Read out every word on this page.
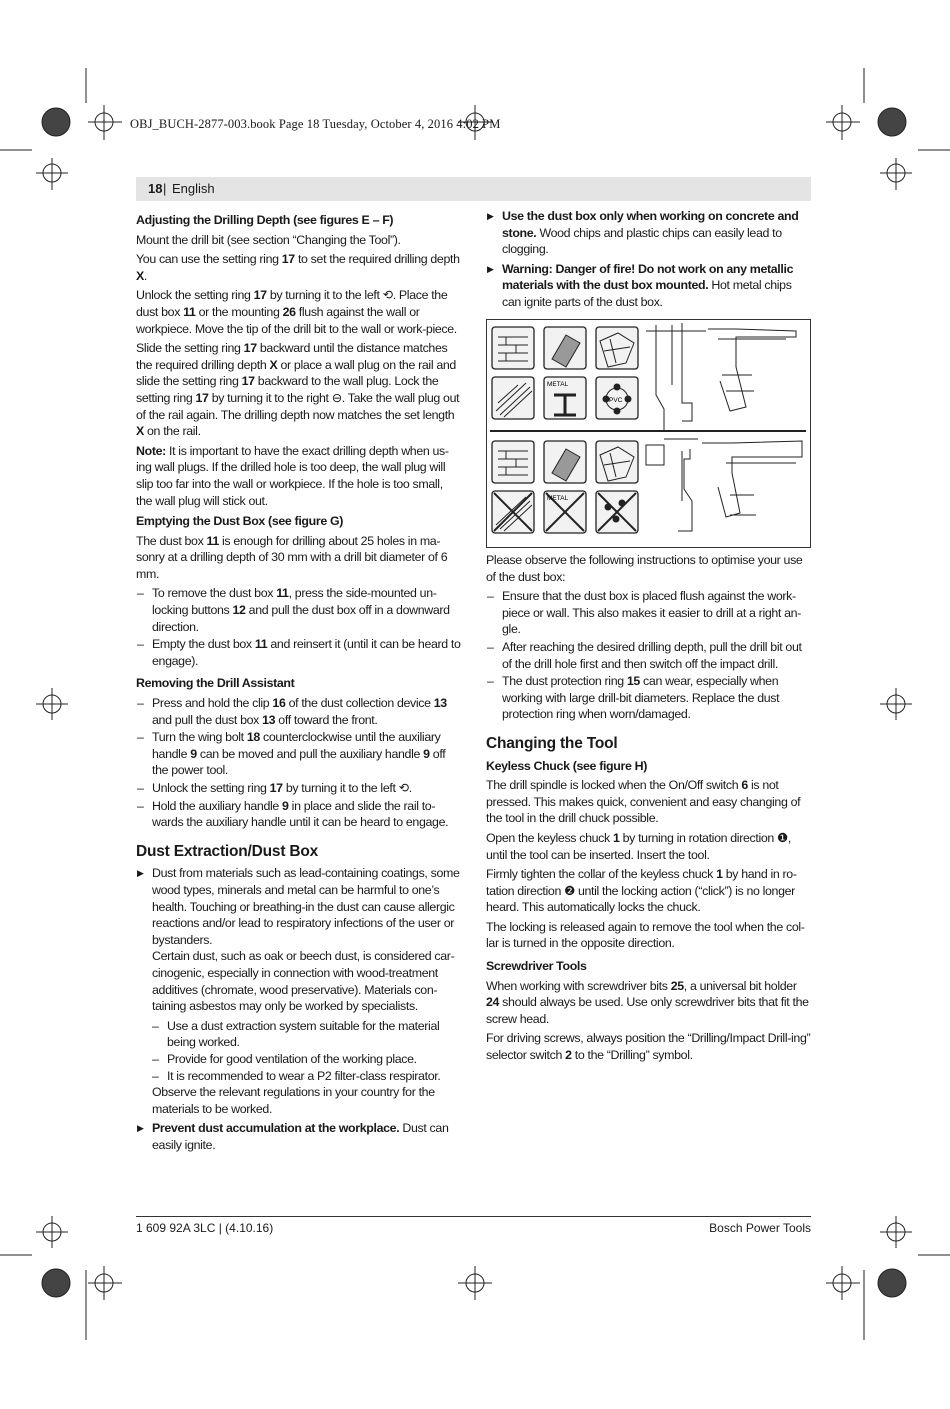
OBJ_BUCH-2877-003.book Page 18 Tuesday, October 4, 2016 4:02 PM
18 | English
Adjusting the Drilling Depth (see figures E – F)

Mount the drill bit (see section “Changing the Tool”).

You can use the setting ring 17 to set the required drilling depth X.

Unlock the setting ring 17 by turning it to the left ⟲. Place the dust box 11 or the mounting 26 flush against the wall or workpiece. Move the tip of the drill bit to the wall or work-piece.

Slide the setting ring 17 backward until the distance matches the required drilling depth X or place a wall plug on the rail and slide the setting ring 17 backward to the wall plug. Lock the setting ring 17 by turning it to the right ⊖. Take the wall plug out of the rail again. The drilling depth now matches the set length X on the rail.

Note: It is important to have the exact drilling depth when us-ing wall plugs. If the drilled hole is too deep, the wall plug will slip too far into the wall or workpiece. If the hole is too small, the wall plug will stick out.

Emptying the Dust Box (see figure G)

The dust box 11 is enough for drilling about 25 holes in ma-sonry at a drilling depth of 30 mm with a drill bit diameter of 6 mm.

– To remove the dust box 11, press the side-mounted un-locking buttons 12 and pull the dust box off in a downward direction.
– Empty the dust box 11 and reinsert it (until it can be heard to engage).
Removing the Drill Assistant
– Press and hold the clip 16 of the dust collection device 13 and pull the dust box 13 off toward the front.
– Turn the wing bolt 18 counterclockwise until the auxiliary handle 9 can be moved and pull the auxiliary handle 9 off the power tool.
– Unlock the setting ring 17 by turning it to the left ⟲.
– Hold the auxiliary handle 9 in place and slide the rail to-wards the auxiliary handle until it can be heard to engage.
Dust Extraction/Dust Box
▶ Dust from materials such as lead-containing coatings, some wood types, minerals and metal can be harmful to one’s health. Touching or breathing-in the dust can cause allergic reactions and/or lead to respiratory infections of the user or bystanders.

Certain dust, such as oak or beech dust, is considered car-cinogenic, especially in connection with wood-treatment additives (chromate, wood preservative). Materials con-taining asbestos may only be worked by specialists.

– Use a dust extraction system suitable for the material being worked.
– Provide for good ventilation of the working place.
– It is recommended to wear a P2 filter-class respirator.

Observe the relevant regulations in your country for the materials to be worked.

▶ Prevent dust accumulation at the workplace. Dust can easily ignite.
▶ Use the dust box only when working on concrete and stone. Wood chips and plastic chips can easily lead to clogging.
▶ Warning: Danger of fire! Do not work on any metallic materials with the dust box mounted. Hot metal chips can ignite parts of the dust box.
METAL
PVC
METAL

Please observe the following instructions to optimise your use of the dust box:

– Ensure that the dust box is placed flush against the work-piece or wall. This also makes it easier to drill at a right an-gle.
– After reaching the desired drilling depth, pull the drill bit out of the drill hole first and then switch off the impact drill.
– The dust protection ring 15 can wear, especially when working with large drill-bit diameters. Replace the dust protection ring when worn/damaged.
Changing the Tool
Keyless Chuck (see figure H)

The drill spindle is locked when the On/Off switch 6 is not pressed. This makes quick, convenient and easy changing of the tool in the drill chuck possible.

Open the keyless chuck 1 by turning in rotation direction ❶, until the tool can be inserted. Insert the tool.

Firmly tighten the collar of the keyless chuck 1 by hand in ro-tation direction ❷ until the locking action (“click”) is no longer heard. This automatically locks the chuck.

The locking is released again to remove the tool when the col-lar is turned in the opposite direction.

Screwdriver Tools

When working with screwdriver bits 25, a universal bit holder 24 should always be used. Use only screwdriver bits that fit the screw head.

For driving screws, always position the “Drilling/Impact Drill-ing” selector switch 2 to the “Drilling” symbol.

1 609 92A 3LC | (4.10.16)	Bosch Power Tools
